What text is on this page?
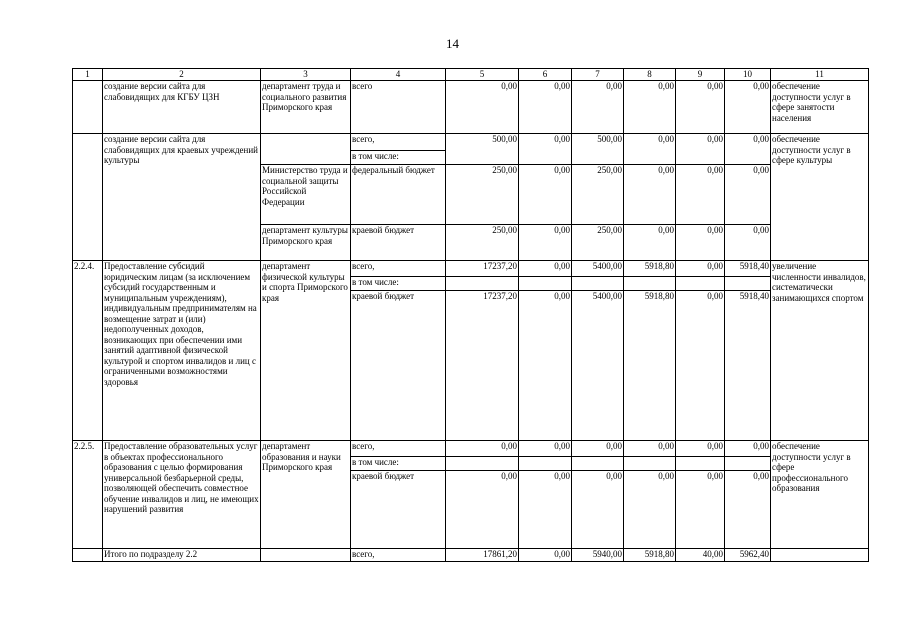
14
1	2	3	4	5	6	7	8	9	10	11
	создание версии сайта для слабовидящих для КГБУ ЦЗН	департамент труда и социального развития Приморского края	всего	0,00	0,00	0,00	0,00	0,00	0,00	обеспечение доступности услуг в сфере занятости населения
	создание версии сайта для слабовидящих для краевых учреждений культуры		всего,	500,00	0,00	500,00	0,00	0,00	0,00	обеспечение доступности услуг в сфере культуры
			в том числе:							
		Министерство труда и социальной защиты Российской Федерации	федеральный бюджет	250,00	0,00	250,00	0,00	0,00	0,00	
		департамент культуры Приморского края	краевой бюджет	250,00	0,00	250,00	0,00	0,00	0,00	
2.2.4.	Предоставление субсидий юридическим лицам (за исключением субсидий государственным и муниципальным учреждениям), индивидуальным предпринимателям на возмещение затрат и (или) недополученных доходов, возникающих при обеспечении ими занятий адаптивной физической культурой и спортом инвалидов и лиц с ограниченными возможностями здоровья	департамент физической культуры и спорта Приморского края	всего,	17237,20	0,00	5400,00	5918,80	0,00	5918,40	увеличение численности инвалидов, систематически занимающихся спортом
			в том числе:							
			краевой бюджет	17237,20	0,00	5400,00	5918,80	0,00	5918,40	
2.2.5.	Предоставление образовательных услуг в объектах профессионального образования с целью формирования универсальной безбарьерной среды, позволяющей обеспечить совместное обучение инвалидов и лиц, не имеющих нарушений развития	департамент образования и науки Приморского края	всего,	0,00	0,00	0,00	0,00	0,00	0,00	обеспечение доступности услуг в сфере профессионального образования
			в том числе:							
			краевой бюджет	0,00	0,00	0,00	0,00	0,00	0,00	
	Итого по подразделу 2.2		всего,	17861,20	0,00	5940,00	5918,80	40,00	5962,40	
